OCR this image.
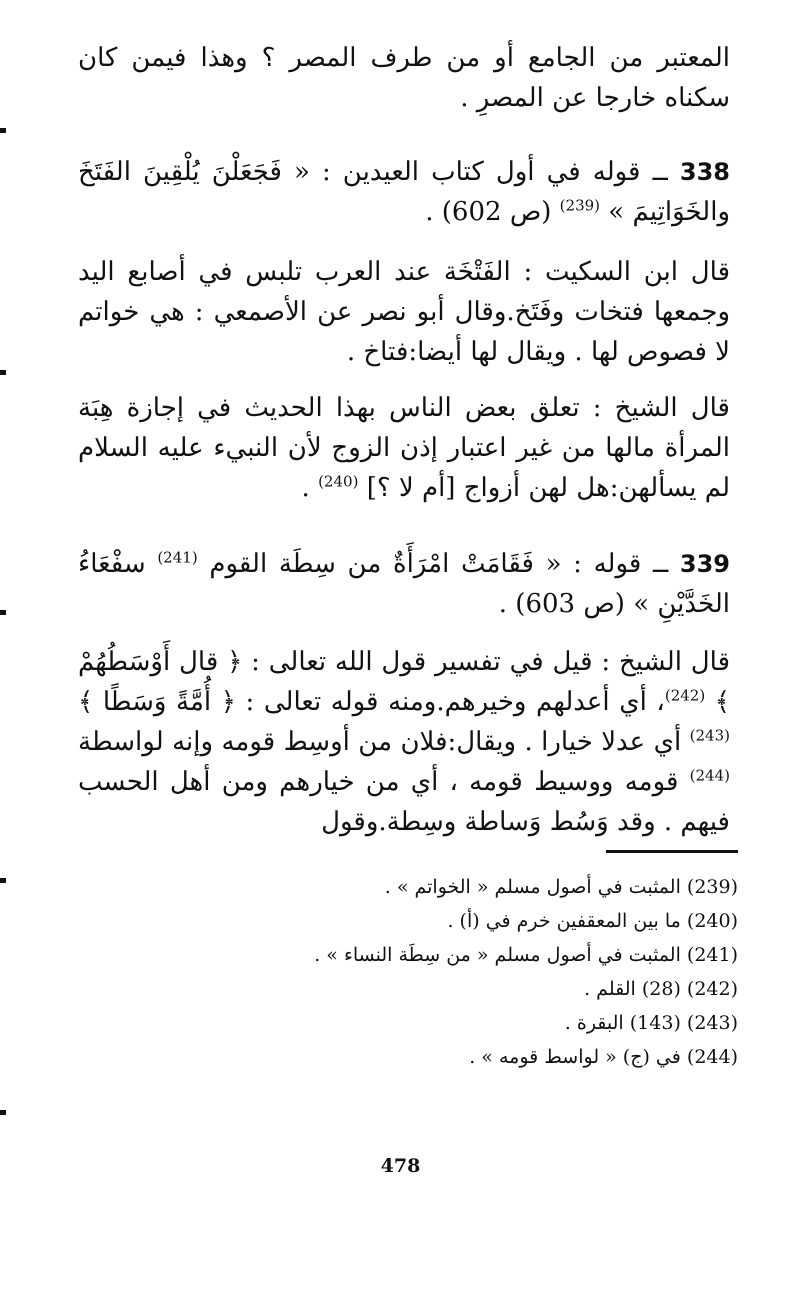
المعتبر من الجامع أو من طرف المصر ؟ وهذا فيمن كان سكناه خارجا عن المصرِ .

338 ــ قوله في أول كتاب العيدين : « فَجَعَلْنَ يُلْقِينَ الفَتَخَ والخَوَاتِيمَ » $^{(239)}$ (ص 602) .

قال ابن السكيت : الفَتْخَة عند العرب تلبس في أصابع اليد وجمعها فتخات وفَتَخ.وقال أبو نصر عن الأصمعي : هي خواتم لا فصوص لها . ويقال لها أيضا:فتاخ .

قال الشيخ : تعلق بعض الناس بهذا الحديث في إجازة هِبَة المرأة مالها من غير اعتبار إذن الزوج لأن النبيء عليه السلام لم يسألهن:هل لهن أزواج [أم لا ؟] $^{(240)}$ .

339 ــ قوله : « فَقَامَتْ امْرَأَةٌ من سِطَة القوم $^{(241)}$ سفْعَاءُ الخَدَّيْنِ » (ص 603) .

قال الشيخ : قيل في تفسير قول الله تعالى : ﴿ قال أَوْسَطُهُمْ ﴾ $^{(242)}$، أي أعدلهم وخيرهم.ومنه قوله تعالى : ﴿ أُمَّةً وَسَطًا ﴾ $^{(243)}$ أي عدلا خيارا . ويقال:فلان من أوسِط قومه وإنه لواسطة $^{(244)}$ قومه ووسيط قومه ، أي من خيارهم ومن أهل الحسب فيهم . وقد وَسُط وَساطة وسِطة.وقول

(239) المثبت في أصول مسلم « الخواتم » .
(240) ما بين المعقفين خرم في (أ) .
(241) المثبت في أصول مسلم « من سِطَة النساء » .
(242) (28) القلم .
(243) (143) البقرة .
(244) في (ج) « لواسط قومه » .
478
